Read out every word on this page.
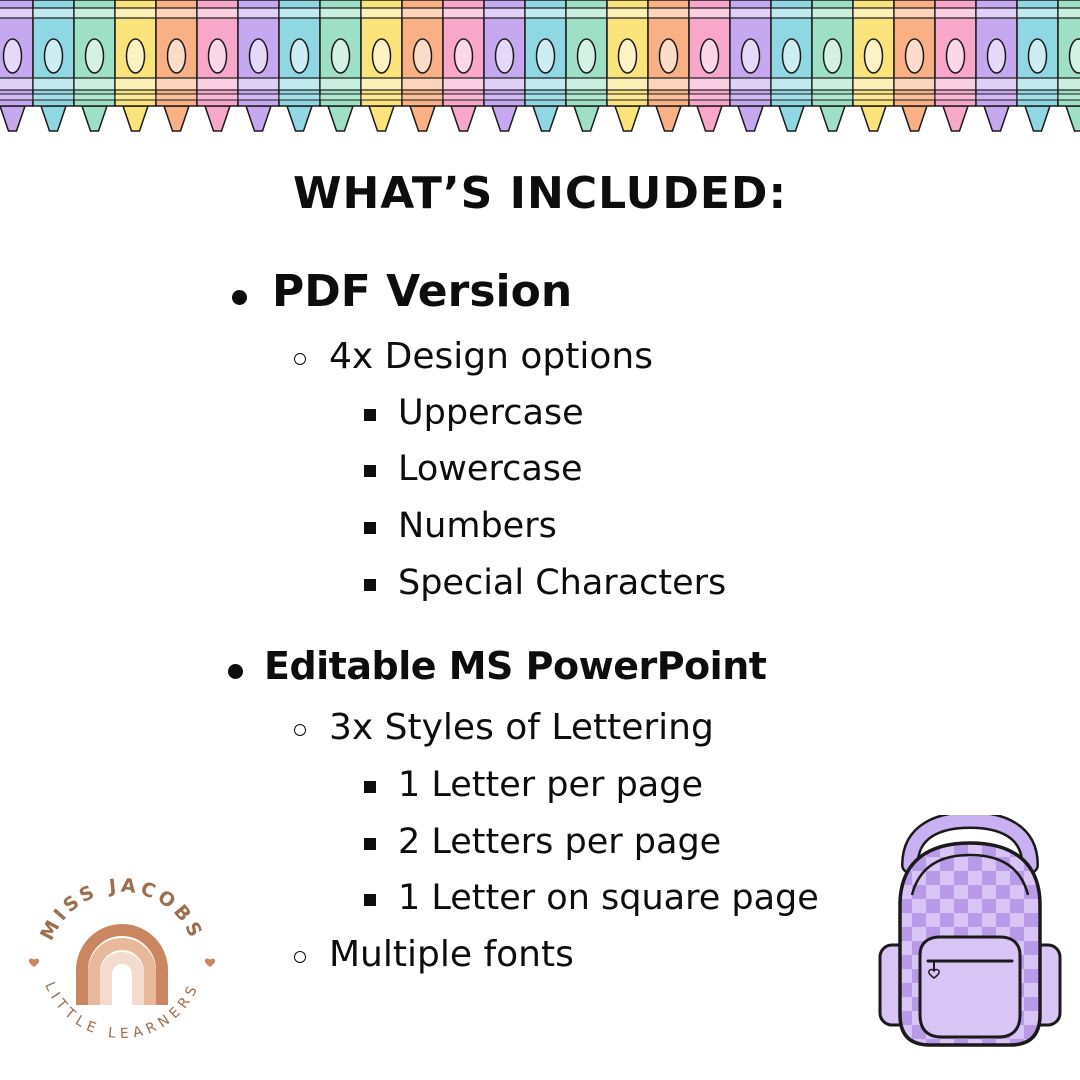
WHAT’S INCLUDED:
PDF Version
4x Design options
Uppercase
Lowercase
Numbers
Special Characters
Editable MS PowerPoint
3x Styles of Lettering
1 Letter per page
2 Letters per page
1 Letter on square page
Multiple fonts
MISS JACOBS
LITTLE LEARNERS
